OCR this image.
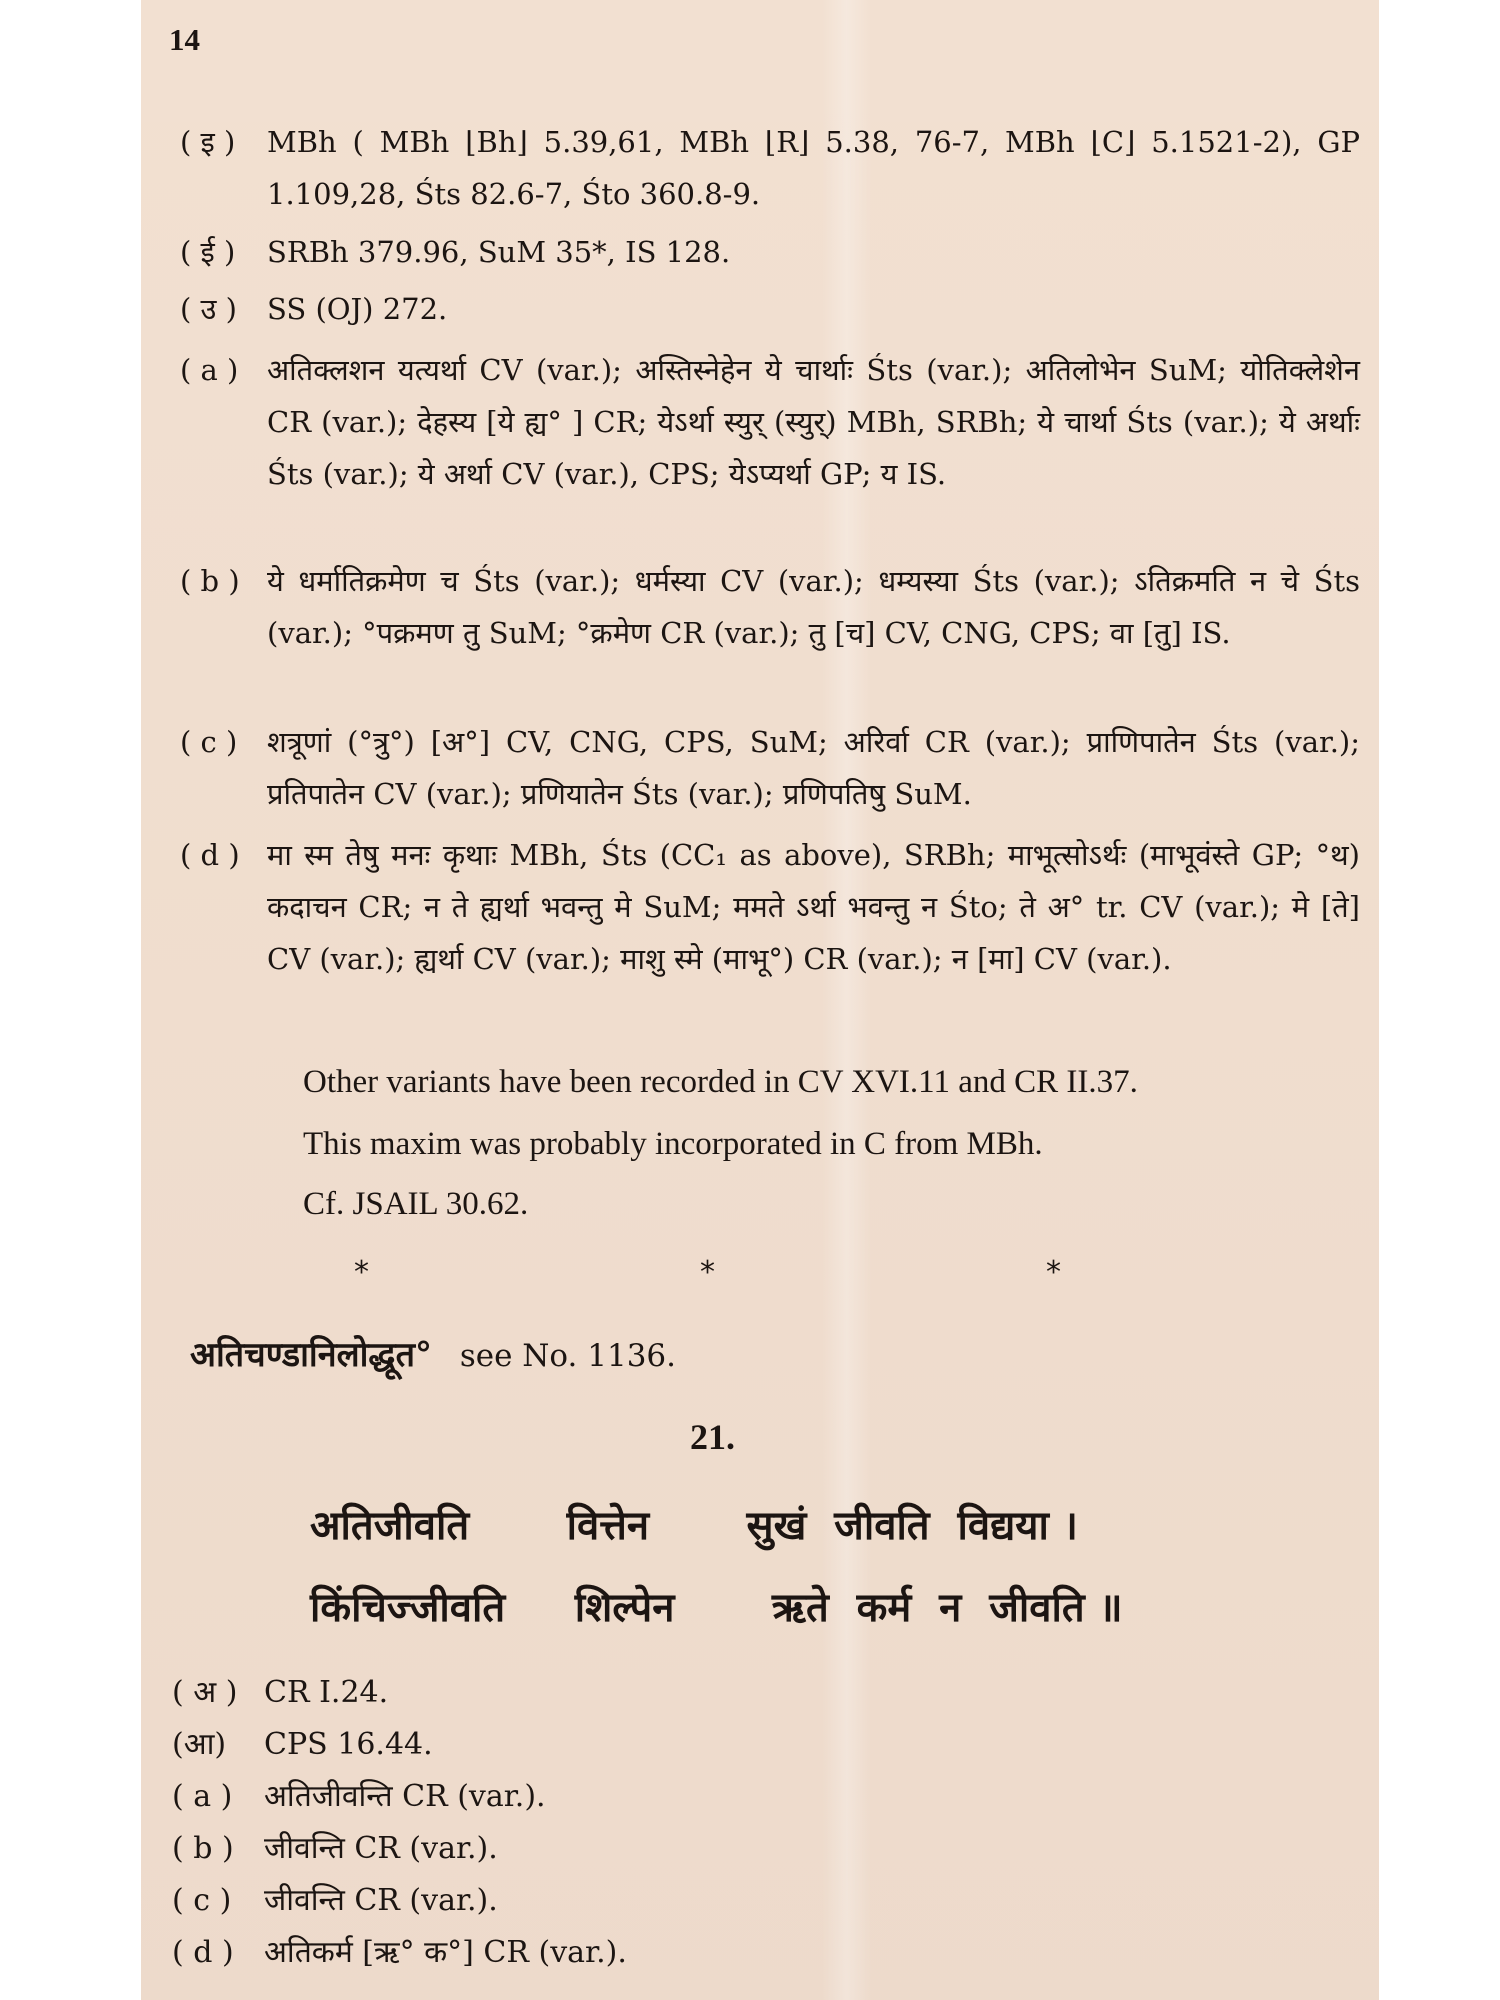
14
( इ )	MBh ( MBh ⌊Bh⌋ 5.39,61, MBh ⌊R⌋ 5.38, 76-7, MBh ⌊C⌋ 5.1521-2), GP 1.109,28, Śts 82.6-7, Śto 360.8-9.
( ई )	SRBh 379.96, SuM 35*, IS 128.
( उ )	SS (OJ) 272.
( a ) अतिक्लशन यत्यर्था CV (var.); अस्तिस्नेहेन ये चार्थाः Śts (var.); अतिलोभेन SuM; योतिक्लेशेन CR (var.); देहस्य [ये ह्य° ] CR; येऽर्था स्युर् (स्युर्) MBh, SRBh; ये चार्था Śts (var.); ये अर्थाः Śts (var.); ये अर्था CV (var.), CPS; येऽप्यर्था GP; य IS.
( b ) ये धर्मातिक्रमेण च Śts (var.); धर्मस्या CV (var.); धम्यस्या Śts (var.); ऽतिक्रमति न चे Śts (var.); °पक्रमण तु SuM; °क्रमेण CR (var.); तु [च] CV, CNG, CPS; वा [तु] IS.
( c )	शत्रूणां (°त्रु°) [अ°] CV, CNG, CPS, SuM; अरिर्वा CR (var.); प्राणिपातेन Śts (var.); प्रतिपातेन CV (var.); प्रणियातेन Śts (var.); प्रणिपतिषु SuM.
( d ) मा स्म तेषु मनः कृथाः MBh, Śts (CC₁ as above), SRBh; माभूत्सोऽर्थः (माभूवंस्ते GP; °थ) कदाचन CR; न ते ह्यर्था भवन्तु मे SuM; ममते ऽर्था भवन्तु न Śto; ते अ° tr. CV (var.); मे [ते] CV (var.); ह्यर्था CV (var.); माशु स्मे (माभू°) CR (var.); न [मा] CV (var.).
Other variants have been recorded in CV XVI.11 and CR II.37.
This maxim was probably incorporated in C from MBh.
Cf. JSAIL 30.62.
*	*	*
अतिचण्डानिलोद्धूत° see No. 1136.
21.
अतिजीवति       वित्तेन       सुखं  जीवति  विद्यया ।
किंचिज्जीवति     शिल्पेन       ऋते  कर्म  न  जीवति ॥
( अ ) CR I.24.
(आ) CPS 16.44.
( a ) अतिजीवन्ति CR (var.).
( b ) जीवन्ति CR (var.).
( c ) जीवन्ति CR (var.).
( d ) अतिकर्म [ऋ° क°] CR (var.).
